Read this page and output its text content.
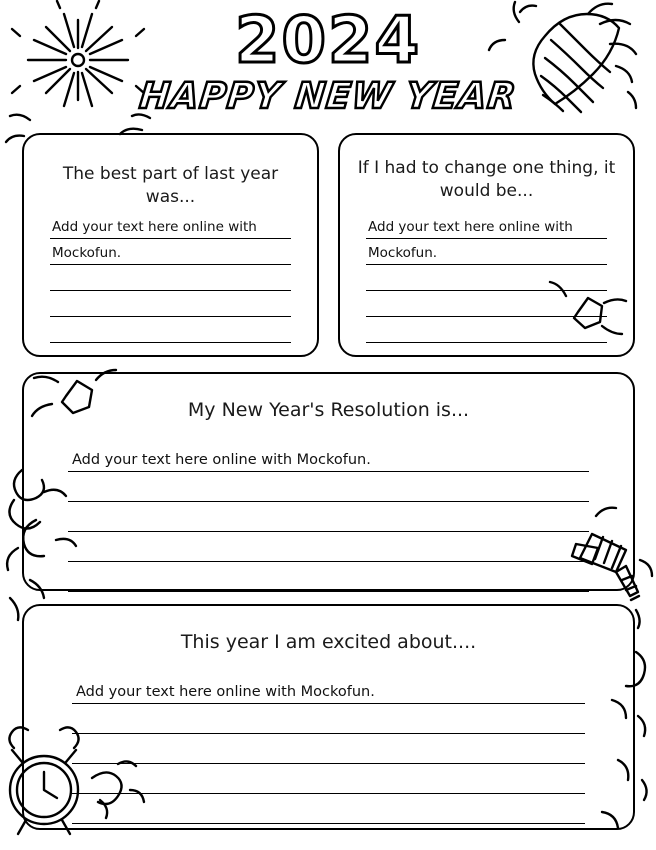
2024
HAPPY NEW YEAR
The best part of last year was...
Add your text here online with
Mockofun.
If I had to change one thing, it would be...
Add your text here online with
Mockofun.
My New Year's Resolution is...
Add your text here online with Mockofun.
This year I am excited about....
Add your text here online with Mockofun.
